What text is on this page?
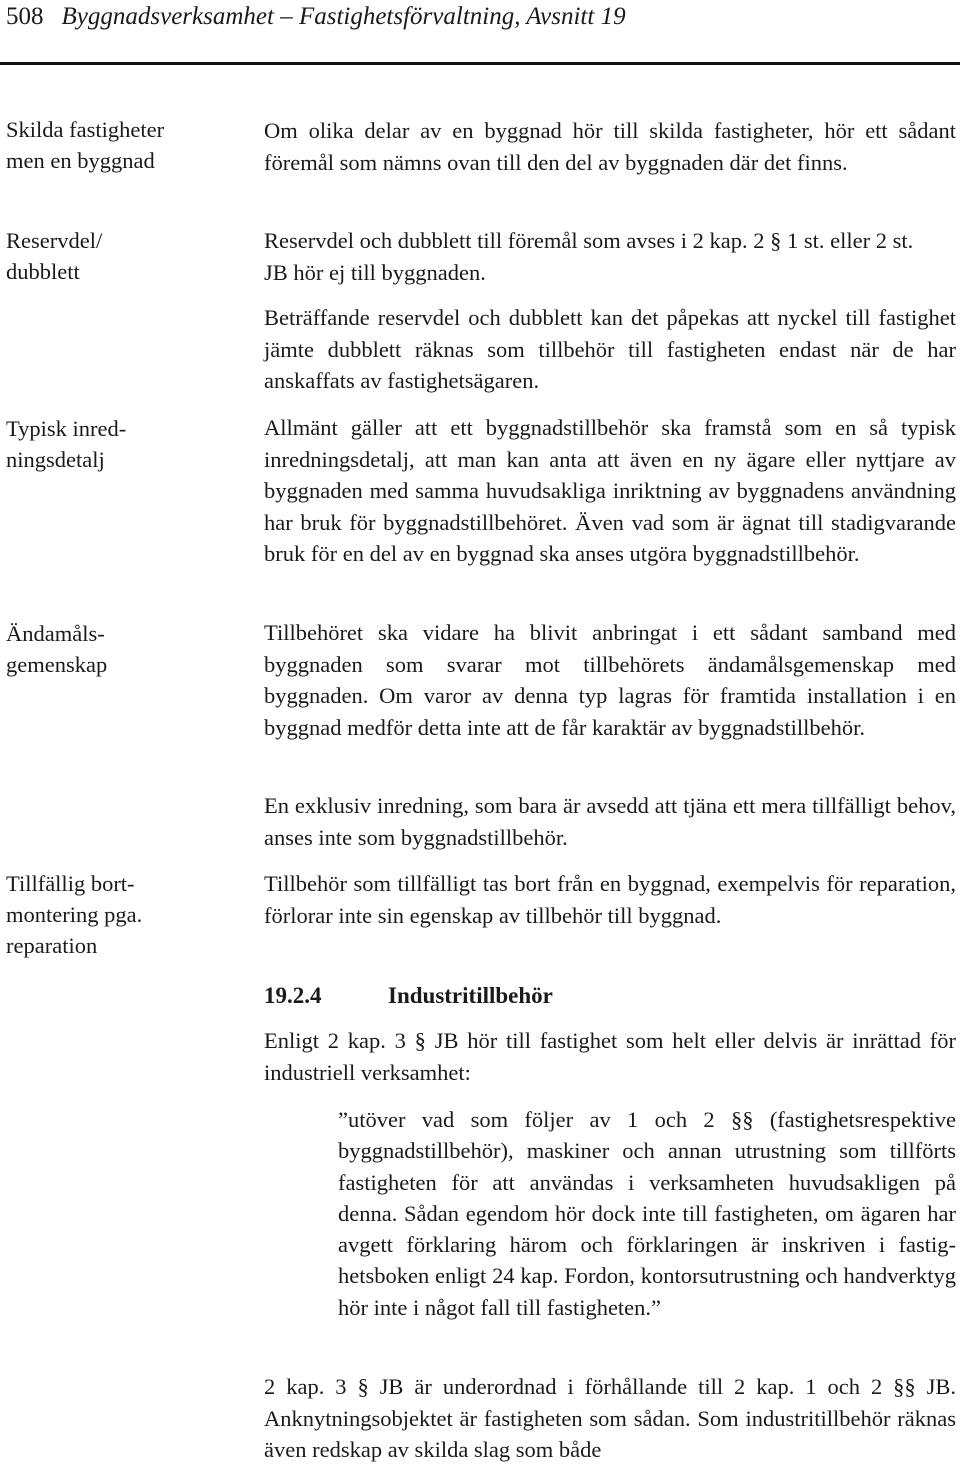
508 Byggnadsverksamhet – Fastighetsförvaltning, Avsnitt 19
Skilda fastigheter
men en byggnad
Reservdel/
dubblett
Typisk inred-
ningsdetalj
Ändamåls-
gemenskap
Tillfällig bort-
montering pga.
reparation
Om olika delar av en byggnad hör till skilda fastigheter, hör ett sådant föremål som nämns ovan till den del av byggnaden där det finns.
Reservdel och dubblett till föremål som avses i 2 kap. 2 § 1 st. eller 2 st. JB hör ej till byggnaden.
Beträffande reservdel och dubblett kan det påpekas att nyckel till fastighet jämte dubblett räknas som tillbehör till fastigheten endast när de har anskaffats av fastighetsägaren.
Allmänt gäller att ett byggnadstillbehör ska framstå som en så typisk inredningsdetalj, att man kan anta att även en ny ägare eller nyttjare av byggnaden med samma huvudsakliga inriktning av byggnadens användning har bruk för byggnadstillbehöret. Även vad som är ägnat till stadigvarande bruk för en del av en byggnad ska anses utgöra byggnadstillbehör.
Tillbehöret ska vidare ha blivit anbringat i ett sådant samband med byggnaden som svarar mot tillbehörets ändamålsgemenskap med byggnaden. Om varor av denna typ lagras för framtida installation i en byggnad medför detta inte att de får karaktär av byggnadstillbehör.
En exklusiv inredning, som bara är avsedd att tjäna ett mera tillfälligt behov, anses inte som byggnadstillbehör.
Tillbehör som tillfälligt tas bort från en byggnad, exempelvis för reparation, förlorar inte sin egenskap av tillbehör till byggnad.
19.2.4	Industritillbehör
Enligt 2 kap. 3 § JB hör till fastighet som helt eller delvis är inrättad för industriell verksamhet:
”utöver vad som följer av 1 och 2 §§ (fastighetsrespektive byggnadstillbehör), maskiner och annan utrustning som tillförts fastigheten för att användas i verksamheten huvudsakligen på denna. Sådan egendom hör dock inte till fastigheten, om ägaren har avgett förklaring härom och förklaringen är inskriven i fastighetsboken enligt 24 kap. Fordon, kontorsutrustning och handverktyg hör inte i något fall till fastigheten.”
2 kap. 3 § JB är underordnad i förhållande till 2 kap. 1 och 2 §§ JB. Anknytningsobjektet är fastigheten som sådan. Som industritillbehör räknas även redskap av skilda slag som både
